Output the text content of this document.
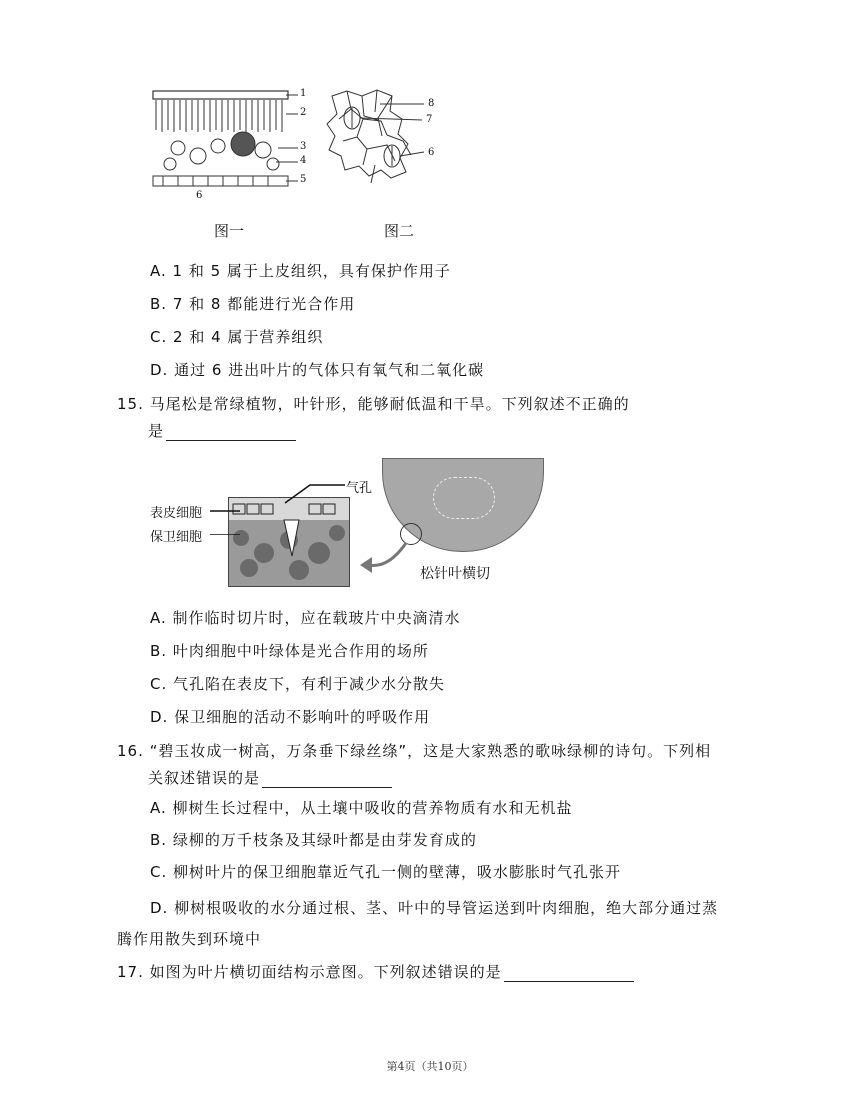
1
2
3
4
5
6
图一
8
7
6
图二
A. 1 和 5 属于上皮组织，具有保护作用子
B. 7 和 8 都能进行光合作用
C. 2 和 4 属于营养组织
D. 通过 6 进出叶片的气体只有氧气和二氧化碳
15. 马尾松是常绿植物，叶针形，能够耐低温和干旱。下列叙述不正确的
是
表皮细胞
保卫细胞
气孔
松针叶横切
A. 制作临时切片时，应在载玻片中央滴清水
B. 叶肉细胞中叶绿体是光合作用的场所
C. 气孔陷在表皮下，有利于减少水分散失
D. 保卫细胞的活动不影响叶的呼吸作用
16. “碧玉妆成一树高，万条垂下绿丝绦”，这是大家熟悉的歌咏绿柳的诗句。下列相
关叙述错误的是
A. 柳树生长过程中，从土壤中吸收的营养物质有水和无机盐
B. 绿柳的万千枝条及其绿叶都是由芽发育成的
C. 柳树叶片的保卫细胞靠近气孔一侧的壁薄，吸水膨胀时气孔张开
D. 柳树根吸收的水分通过根、茎、叶中的导管运送到叶肉细胞，绝大部分通过蒸
腾作用散失到环境中
17. 如图为叶片横切面结构示意图。下列叙述错误的是
第4页（共10页）
